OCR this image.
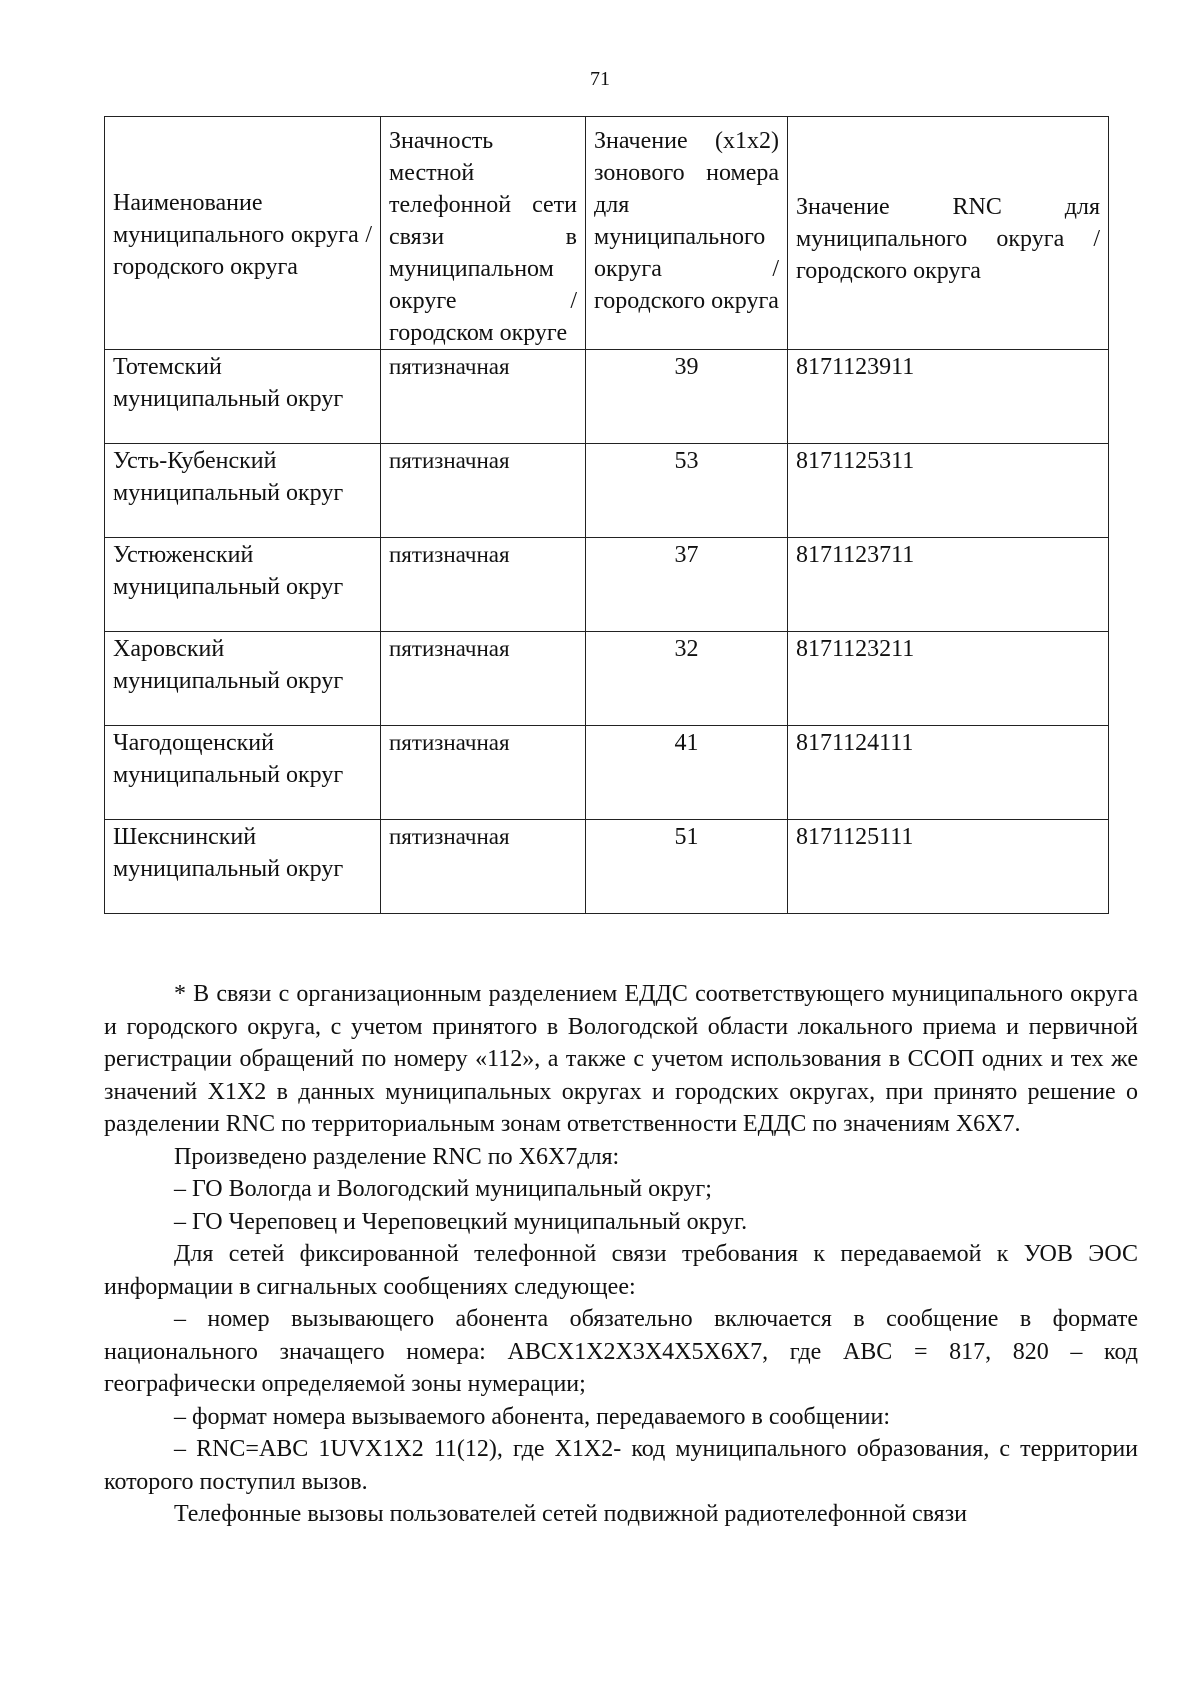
71
Наименование муниципального округа / городского округа	Значность местной телефонной сети связи в муниципальном округе / городском округе	Значение (x1x2) зонового номера для муниципального округа / городского округа	Значение RNC для муниципального округа / городского округа
Тотемский муниципальный округ	пятизначная	39	8171123911
Усть-Кубенский муниципальный округ	пятизначная	53	8171125311
Устюженский муниципальный округ	пятизначная	37	8171123711
Харовский муниципальный округ	пятизначная	32	8171123211
Чагодощенский муниципальный округ	пятизначная	41	8171124111
Шекснинский муниципальный округ	пятизначная	51	8171125111

* В связи с организационным разделением ЕДДС соответствующего муниципального округа и городского округа, с учетом принятого в Вологодской области локального приема и первичной регистрации обращений по номеру «112», а также с учетом использования в ССОП одних и тех же значений X1X2 в данных муниципальных округах и городских округах, при принято решение о разделении RNC по территориальным зонам ответственности ЕДДС по значениям X6X7.

Произведено разделение RNC по X6X7для:

– ГО Вологда и Вологодский муниципальный округ;

– ГО Череповец и Череповецкий муниципальный округ.

Для сетей фиксированной телефонной связи требования к передаваемой к УОВ ЭОС информации в сигнальных сообщениях следующее:

– номер вызывающего абонента обязательно включается в сообщение в формате национального значащего номера: ABCX1X2X3X4X5X6X7, где ABC = 817, 820 – код географически определяемой зоны нумерации;

– формат номера вызываемого абонента, передаваемого в сообщении:

– RNC=ABC 1UVX1X2 11(12), где X1X2- код муниципального образования, с территории которого поступил вызов.

Телефонные вызовы пользователей сетей подвижной радиотелефонной связи
